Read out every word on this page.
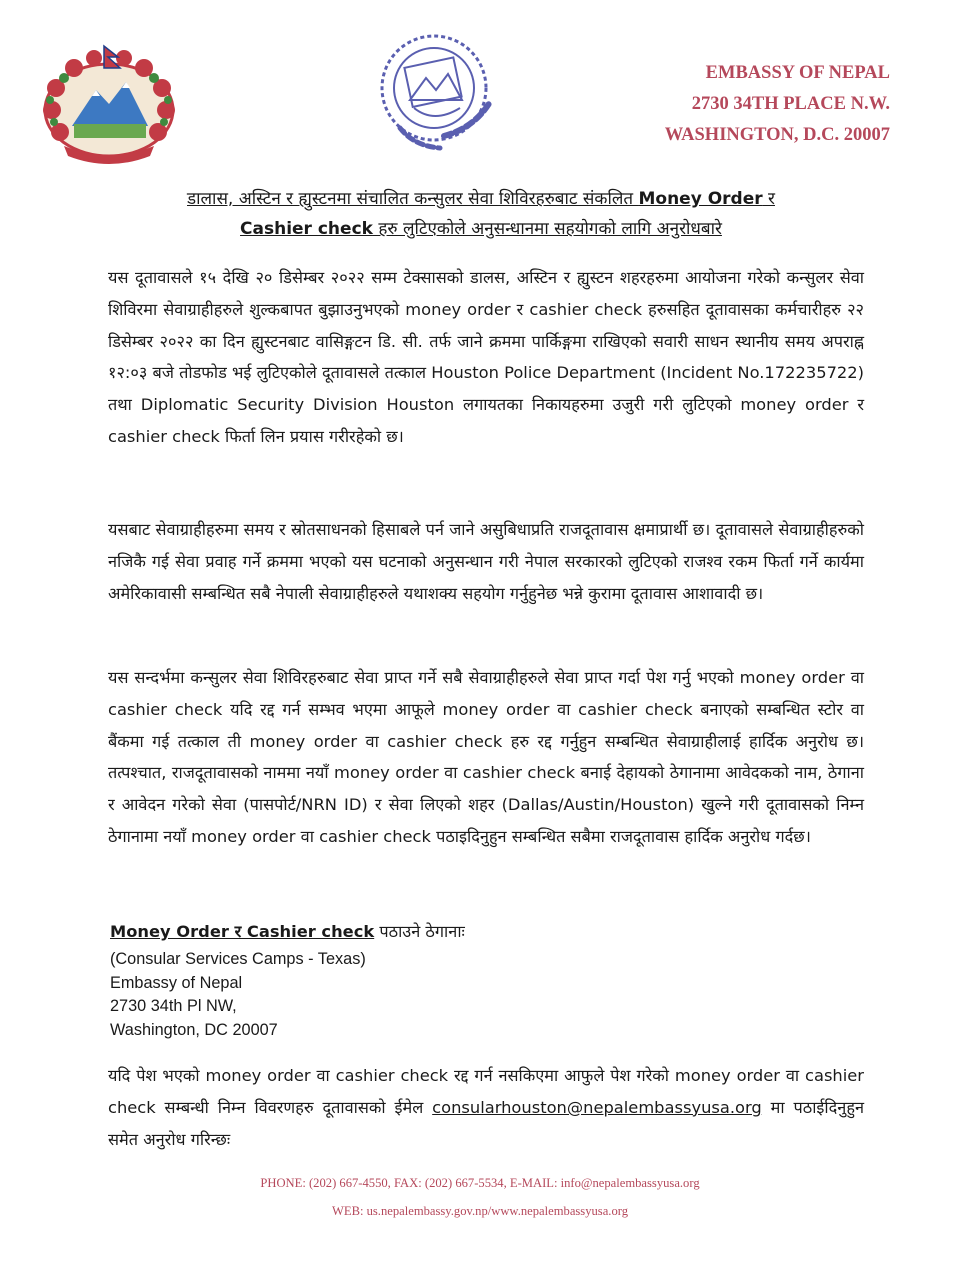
EMBASSY OF NEPAL
2730 34TH PLACE N.W.
WASHINGTON, D.C. 20007
डालास, अस्टिन र ह्युस्टनमा संचालित कन्सुलर सेवा शिविरहरुबाट संकलित Money Order र
Cashier check हरु लुटिएकोले अनुसन्धानमा सहयोगको लागि अनुरोधबारे

यस दूतावासले १५ देखि २० डिसेम्बर २०२२ सम्म टेक्सासको डालस, अस्टिन र ह्युस्टन शहरहरुमा आयोजना गरेको कन्सुलर सेवा शिविरमा सेवाग्राहीहरुले शुल्कबापत बुझाउनुभएको money order र cashier check हरुसहित दूतावासका कर्मचारीहरु २२ डिसेम्बर २०२२ का दिन ह्युस्टनबाट वासिङ्गटन डि. सी. तर्फ जाने क्रममा पार्किङ्गमा राखिएको सवारी साधन स्थानीय समय अपराह्न १२:०३ बजे तोडफोड भई लुटिएकोले दूतावासले तत्काल Houston Police Department (Incident No.172235722) तथा Diplomatic Security Division Houston लगायतका निकायहरुमा उजुरी गरी लुटिएको money order र cashier check फिर्ता लिन प्रयास गरीरहेको छ।

यसबाट सेवाग्राहीहरुमा समय र स्रोतसाधनको हिसाबले पर्न जाने असुबिधाप्रति राजदूतावास क्षमाप्रार्थी छ। दूतावासले सेवाग्राहीहरुको नजिकै गई सेवा प्रवाह गर्ने क्रममा भएको यस घटनाको अनुसन्धान गरी नेपाल सरकारको लुटिएको राजश्व रकम फिर्ता गर्ने कार्यमा अमेरिकावासी सम्बन्धित सबै नेपाली सेवाग्राहीहरुले यथाशक्य सहयोग गर्नुहुनेछ भन्ने कुरामा दूतावास आशावादी छ।

यस सन्दर्भमा कन्सुलर सेवा शिविरहरुबाट सेवा प्राप्त गर्ने सबै सेवाग्राहीहरुले सेवा प्राप्त गर्दा पेश गर्नु भएको money order वा cashier check यदि रद्द गर्न सम्भव भएमा आफूले money order वा cashier check बनाएको सम्बन्धित स्टोर वा बैंकमा गई तत्काल ती money order वा cashier check हरु रद्द गर्नुहुन सम्बन्धित सेवाग्राहीलाई हार्दिक अनुरोध छ। तत्पश्चात, राजदूतावासको नाममा नयाँ money order वा cashier check बनाई देहायको ठेगानामा आवेदकको नाम, ठेगाना र आवेदन गरेको सेवा (पासपोर्ट/NRN ID) र सेवा लिएको शहर (Dallas/Austin/Houston) खुल्ने गरी दूतावासको निम्न ठेगानामा नयाँ money order वा cashier check पठाइदिनुहुन सम्बन्धित सबैमा राजदूतावास हार्दिक अनुरोध गर्दछ।

Money Order र Cashier check पठाउने ठेगानाः
(Consular Services Camps - Texas)
Embassy of Nepal
2730 34th Pl NW,
Washington, DC 20007

यदि पेश भएको money order वा cashier check रद्द गर्न नसकिएमा आफुले पेश गरेको money order वा cashier check सम्बन्धी निम्न विवरणहरु दूतावासको ईमेल consularhouston@nepalembassyusa.org मा पठाईदिनुहुन समेत अनुरोध गरिन्छः

PHONE: (202) 667-4550, FAX: (202) 667-5534, E-MAIL: info@nepalembassyusa.org
WEB: us.nepalembassy.gov.np/www.nepalembassyusa.org
